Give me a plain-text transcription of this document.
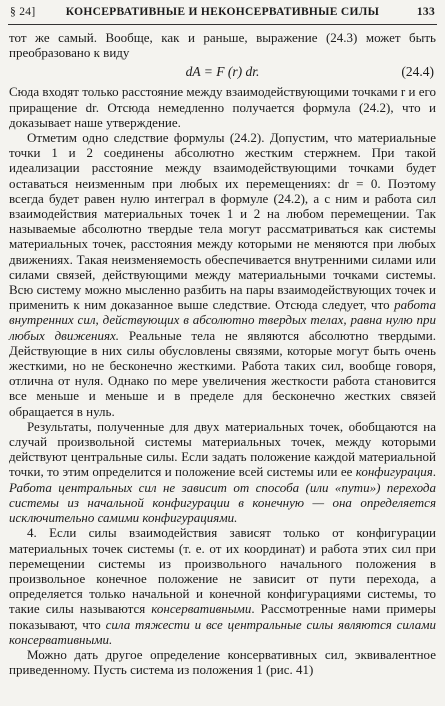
§ 24]	КОНСЕРВАТИВНЫЕ И НЕКОНСЕРВАТИВНЫЕ СИЛЫ	133

тот же самый. Вообще, как и раньше, выражение (24.3) может быть преобразовано к виду

dA = F (r) dr.	(24.4)

Сюда входят только расстояние между взаимодействующими точками r и его приращение dr. Отсюда немедленно получается формула (24.2), что и доказывает наше утверждение.

Отметим одно следствие формулы (24.2). Допустим, что материальные точки 1 и 2 соединены абсолютно жестким стержнем. При такой идеализации расстояние между взаимодействующими точками будет оставаться неизменным при любых их перемещениях: dr = 0. Поэтому всегда будет равен нулю интеграл в формуле (24.2), а с ним и работа сил взаимодействия материальных точек 1 и 2 на любом перемещении. Так называемые абсолютно твердые тела могут рассматриваться как системы материальных точек, расстояния между которыми не меняются при любых движениях. Такая неизменяемость обеспечивается внутренними силами или силами связей, действующими между материальными точками системы. Всю систему можно мысленно разбить на пары взаимодействующих точек и применить к ним доказанное выше следствие. Отсюда следует, что работа внутренних сил, действующих в абсолютно твердых телах, равна нулю при любых движениях. Реальные тела не являются абсолютно твердыми. Действующие в них силы обусловлены связями, которые могут быть очень жесткими, но не бесконечно жесткими. Работа таких сил, вообще говоря, отлична от нуля. Однако по мере увеличения жесткости работа становится все меньше и меньше и в пределе для бесконечно жестких связей обращается в нуль.

Результаты, полученные для двух материальных точек, обобщаются на случай произвольной системы материальных точек, между которыми действуют центральные силы. Если задать положение каждой материальной точки, то этим определится и положение всей системы или ее конфигурация. Работа центральных сил не зависит от способа (или «пути») перехода системы из начальной конфигурации в конечную — она определяется исключительно самими конфигурациями.

4. Если силы взаимодействия зависят только от конфигурации материальных точек системы (т. е. от их координат) и работа этих сил при перемещении системы из произвольного начального положения в произвольное конечное положение не зависит от пути перехода, а определяется только начальной и конечной конфигурациями системы, то такие силы называются консервативными. Рассмотренные нами примеры показывают, что сила тяжести и все центральные силы являются силами консервативными.

Можно дать другое определение консервативных сил, эквивалентное приведенному. Пусть система из положения 1 (рис. 41)
